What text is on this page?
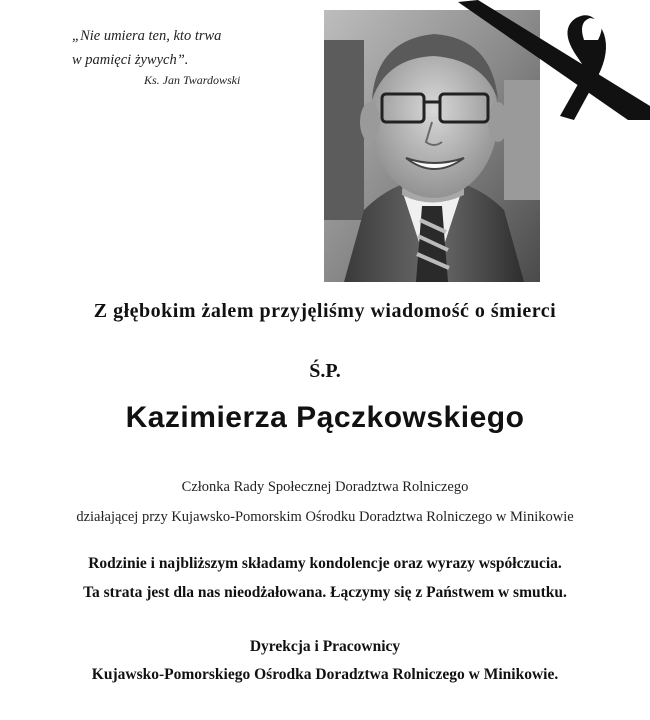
„Nie umiera ten, kto trwa
w pamięci żywych”.
Ks. Jan Twardowski
Z głębokim żalem przyjęliśmy wiadomość o śmierci
Ś.P.
Kazimierza Pączkowskiego
Członka Rady Społecznej Doradztwa Rolniczego
działającej przy Kujawsko-Pomorskim Ośrodku Doradztwa Rolniczego w Minikowie
Rodzinie i najbliższym składamy kondolencje oraz wyrazy współczucia.
Ta strata jest dla nas nieodżałowana. Łączymy się z Państwem w smutku.
Dyrekcja i Pracownicy
Kujawsko-Pomorskiego Ośrodka Doradztwa Rolniczego w Minikowie.
